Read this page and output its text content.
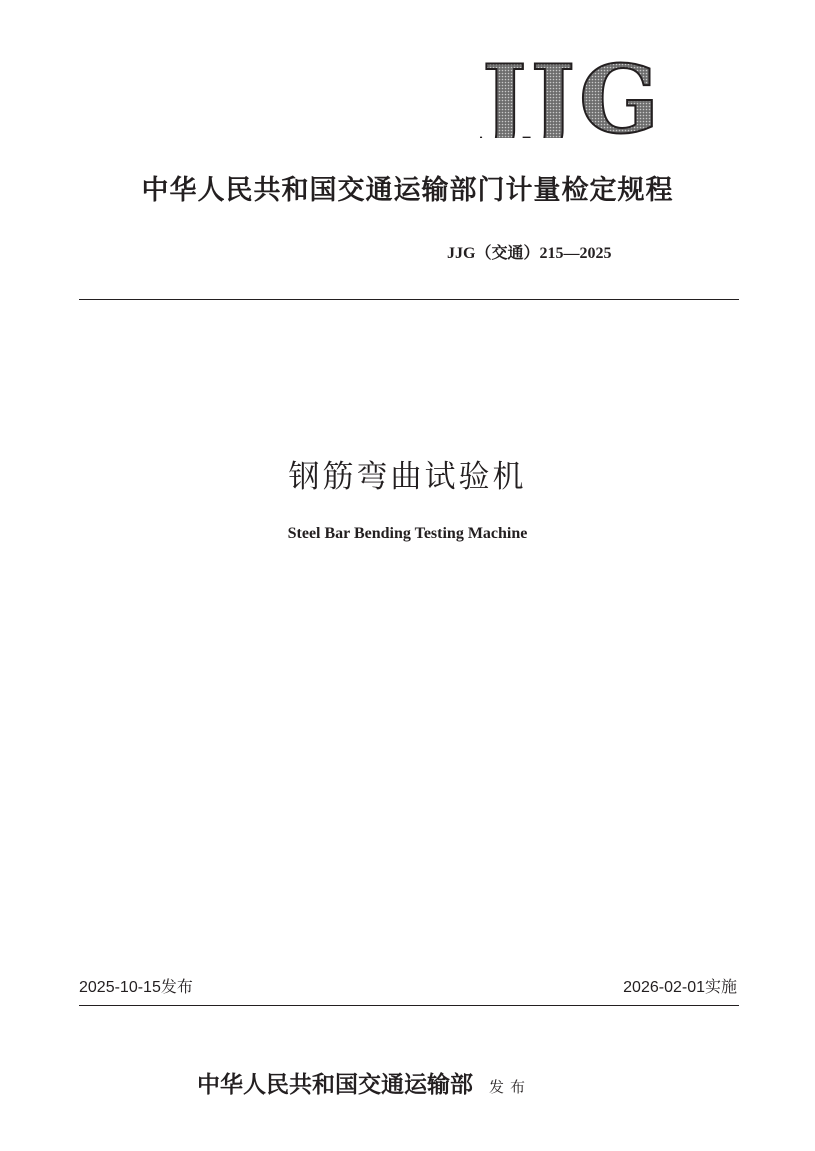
JJG
中华人民共和国交通运输部门计量检定规程
JJG（交通）215—2025
钢筋弯曲试验机
Steel Bar Bending Testing Machine
2025-10-15发布	2026-02-01实施
中华人民共和国交通运输部 发布
